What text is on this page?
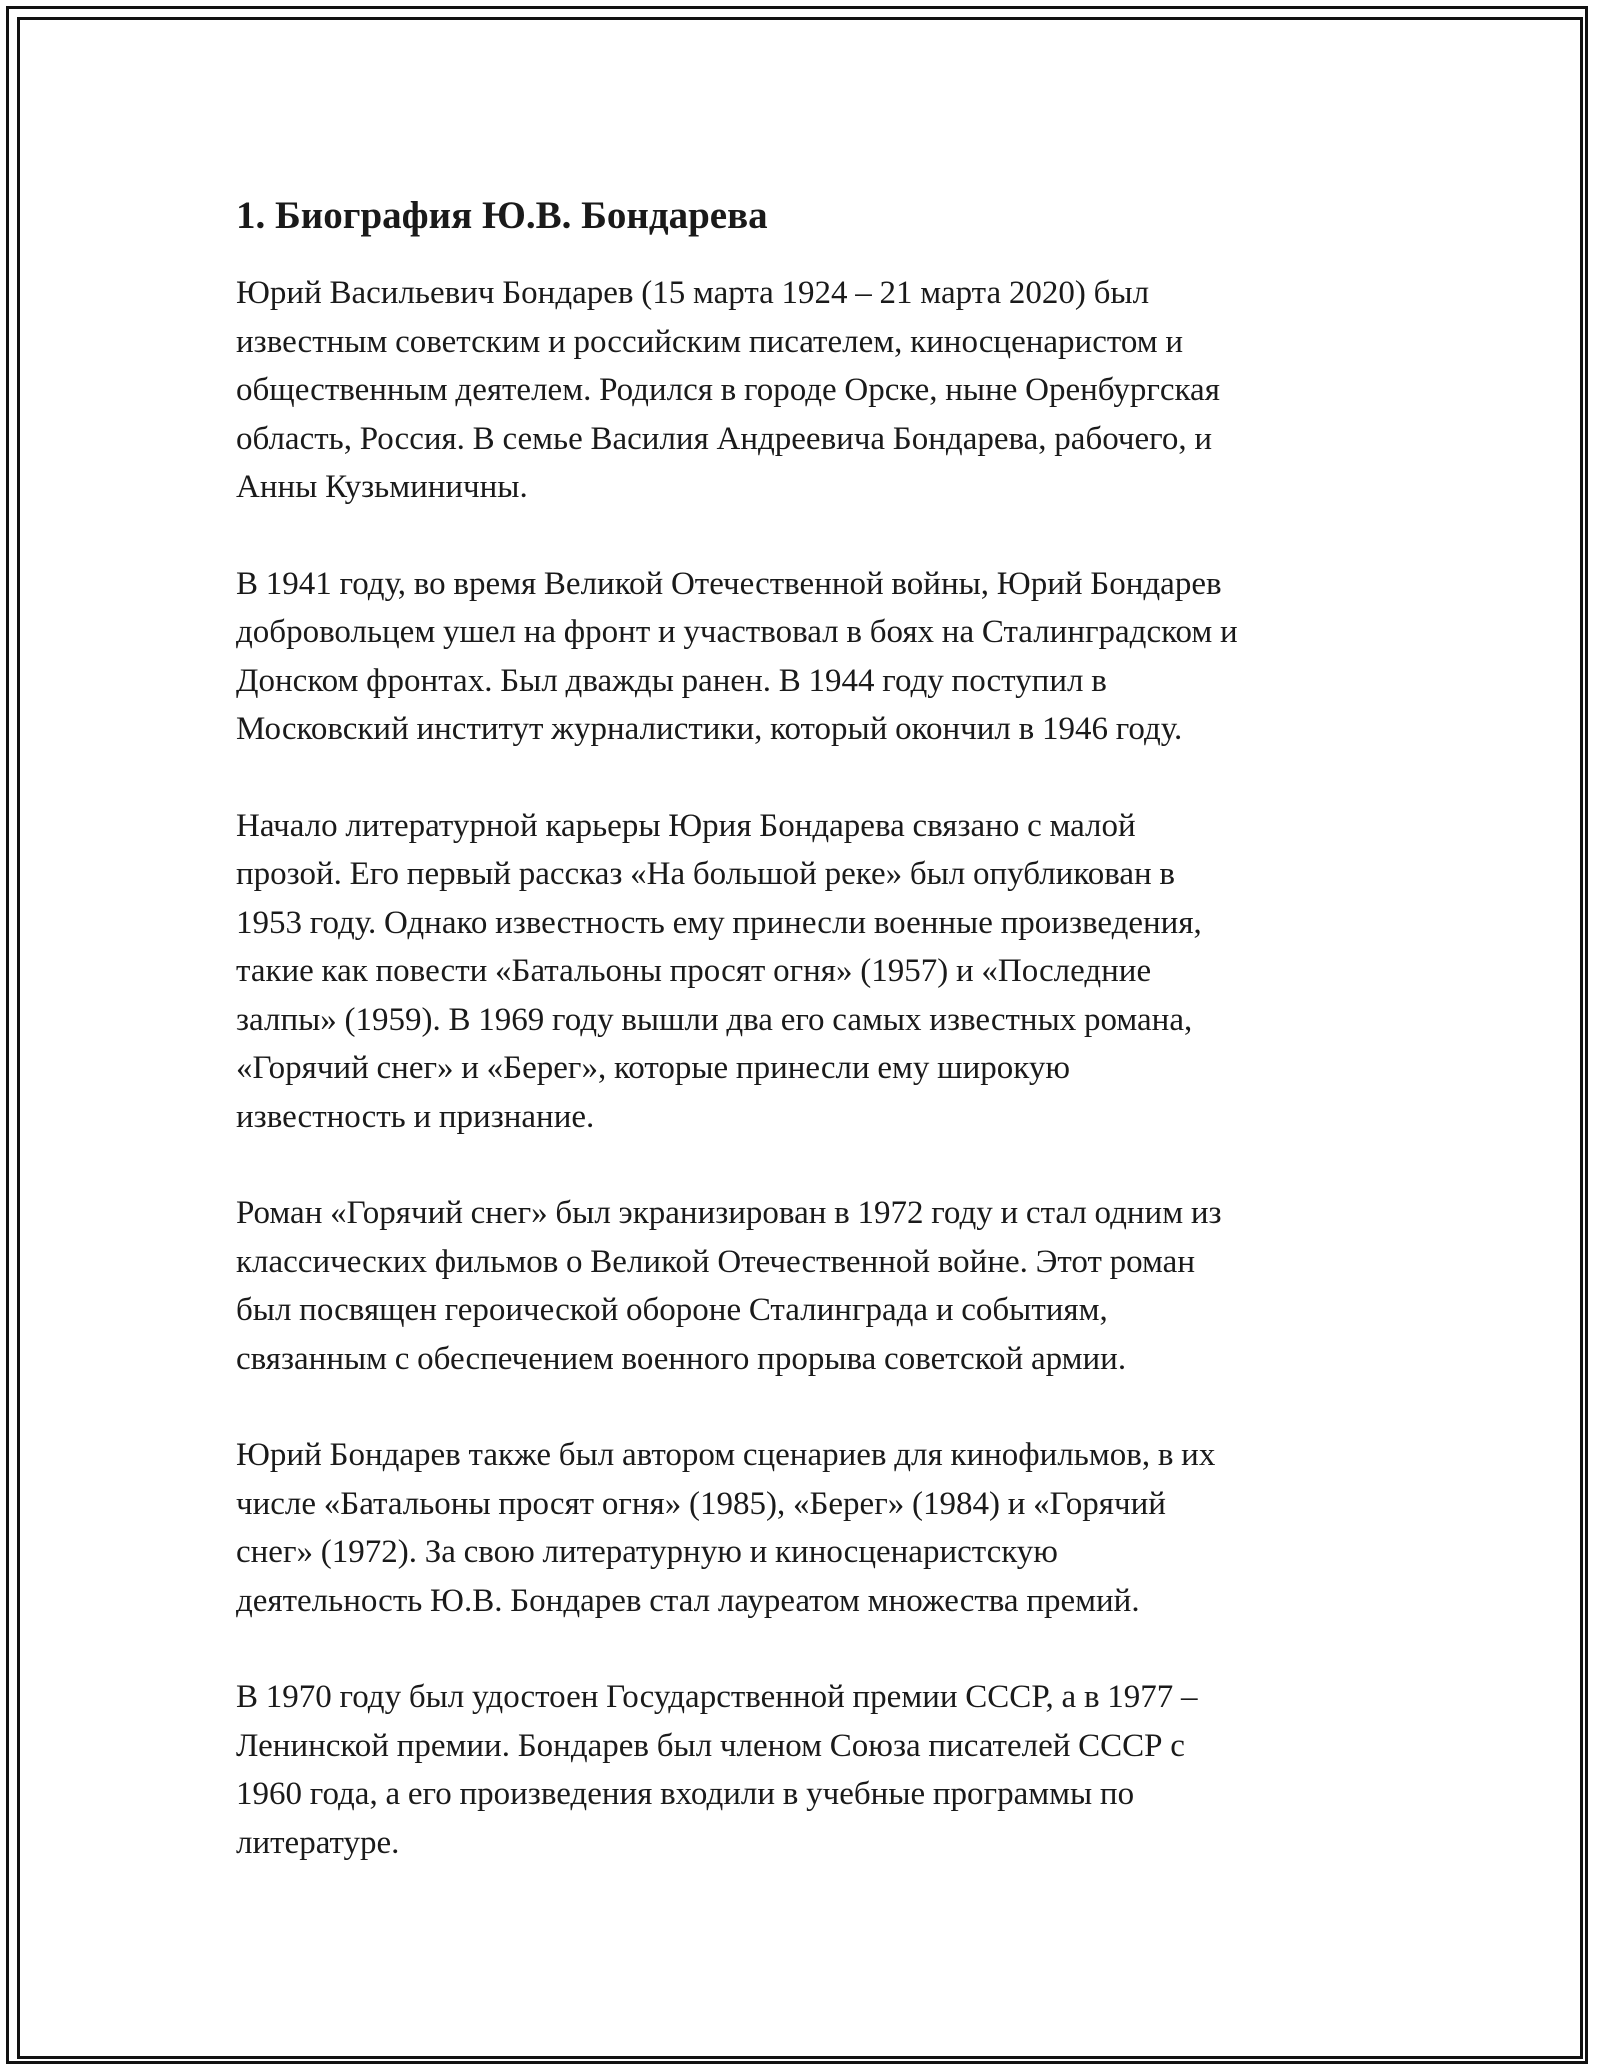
1. Биография Ю.В. Бондарева

Юрий Васильевич Бондарев (15 марта 1924 – 21 марта 2020) был
известным советским и российским писателем, киносценаристом и
общественным деятелем. Родился в городе Орске, ныне Оренбургская
область, Россия. В семье Василия Андреевича Бондарева, рабочего, и
Анны Кузьминичны.

В 1941 году, во время Великой Отечественной войны, Юрий Бондарев
добровольцем ушел на фронт и участвовал в боях на Сталинградском и
Донском фронтах. Был дважды ранен. В 1944 году поступил в
Московский институт журналистики, который окончил в 1946 году.

Начало литературной карьеры Юрия Бондарева связано с малой
прозой. Его первый рассказ «На большой реке» был опубликован в
1953 году. Однако известность ему принесли военные произведения,
такие как повести «Батальоны просят огня» (1957) и «Последние
залпы» (1959). В 1969 году вышли два его самых известных романа,
«Горячий снег» и «Берег», которые принесли ему широкую
известность и признание.

Роман «Горячий снег» был экранизирован в 1972 году и стал одним из
классических фильмов о Великой Отечественной войне. Этот роман
был посвящен героической обороне Сталинграда и событиям,
связанным с обеспечением военного прорыва советской армии.

Юрий Бондарев также был автором сценариев для кинофильмов, в их
числе «Батальоны просят огня» (1985), «Берег» (1984) и «Горячий
снег» (1972). За свою литературную и киносценаристскую
деятельность Ю.В. Бондарев стал лауреатом множества премий.

В 1970 году был удостоен Государственной премии СССР, а в 1977 –
Ленинской премии. Бондарев был членом Союза писателей СССР с
1960 года, а его произведения входили в учебные программы по
литературе.
